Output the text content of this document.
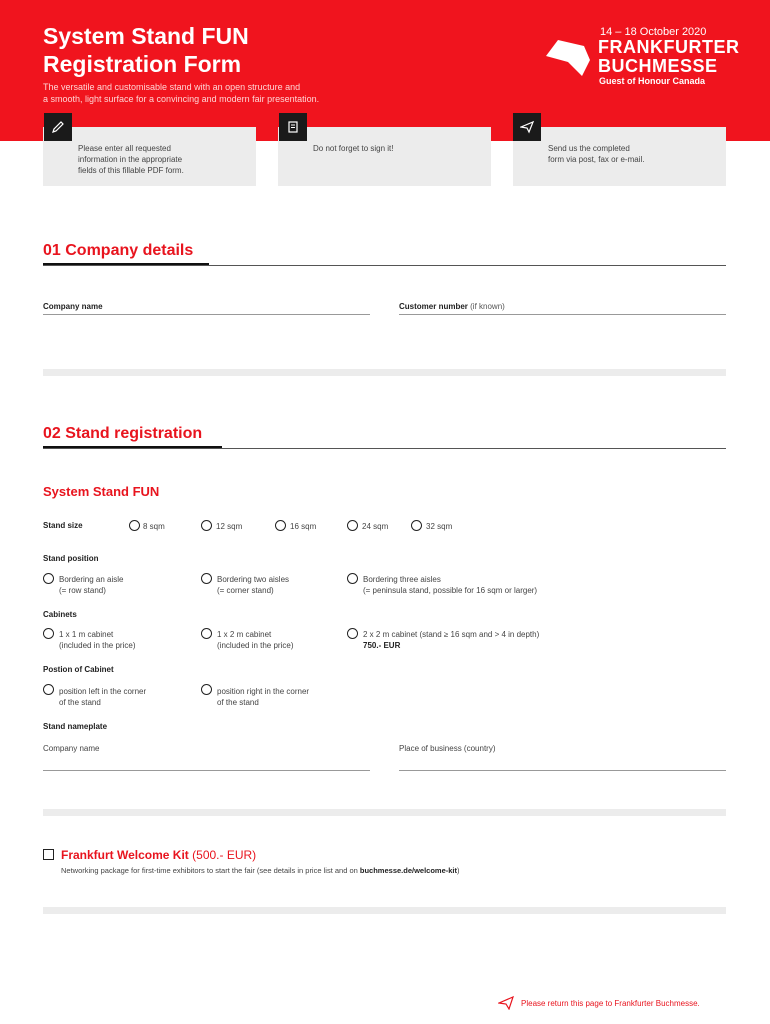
System Stand FUN
Registration Form
The versatile and customisable stand with an open structure and
a smooth, light surface for a convincing and modern fair presentation.
14 – 18 October 2020
FRANKFURTER
BUCHMESSE
Guest of Honour Canada
Please enter all requested
information in the appropriate
fields of this fillable PDF form.
Do not forget to sign it!	Send us the completed
form via post, fax or e-mail.
01 Company details
Company name	Customer number (if known)
02 Stand registration
System Stand FUN
Stand size	8 sqm	12 sqm	16 sqm	24 sqm	32 sqm
Stand position
Bordering an aisle
(= row stand)
Bordering two aisles
(= corner stand)
Bordering three aisles
(= peninsula stand, possible for 16 sqm or larger)
Cabinets
1 x 1 m cabinet
(included in the price)
1 x 2 m cabinet
(included in the price)
2 x 2 m cabinet (stand ≥ 16 sqm and > 4 in depth)
750.- EUR
Postion of Cabinet
position left in the corner
of the stand
position right in the corner
of the stand
Stand nameplate
Company name	Place of business (country)
Frankfurt Welcome Kit (500.- EUR)
Networking package for first-time exhibitors to start the fair (see details in price list and on buchmesse.de/welcome-kit)
Please return this page to Frankfurter Buchmesse.
